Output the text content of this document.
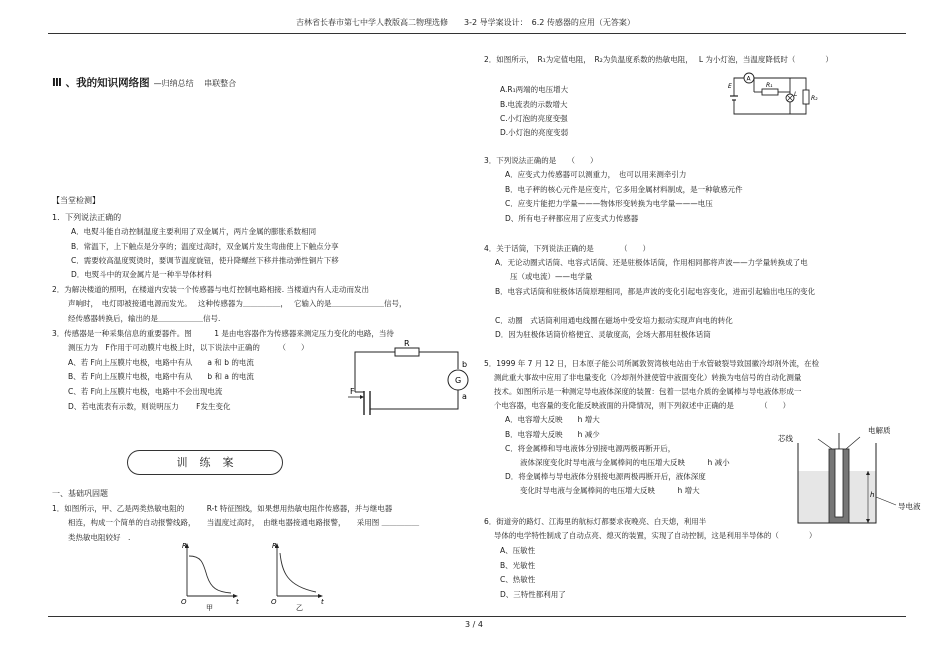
吉林省长春市第七中学人教版高二物理选修　　3-2 导学案设计：　6.2 传感器的应用（无答案）
Ⅲ 、我的知识网络图 —归纳总结　 串联整合
【当堂检测】
1．下列说法正确的
A．电熨斗能自动控制温度主要利用了双金属片，两片金属的膨胀系数相同
B．常温下，上下触点是分享的；温度过高时，双金属片发生弯曲使上下触点分享
C．需要较高温度熨烫时，要调节温度旋钮，使升降螺丝下移并推动弹性铜片下移
D．电熨斗中的双金属片是一种半导体材料
2．为解决楼道的照明，在楼道内安装一个传感器与电灯控制电路相接. 当楼道内有人走动而发出
声响时，　电灯即被接通电源而发光。　 这种传感器为＿＿＿＿＿，　 它输入的是＿＿＿＿＿＿＿信号，
经传感器转换后，输出的是＿＿＿＿＿＿信号.
3．传感器是一种采集信息的重要器件。图　　　1 是由电容器作为传感器来测定压力变化的电路，当待
测压力为　F作用于可动膜片电极上时，以下说法中正确的　　　（　　）
A、若 F向上压膜片电极，电路中有从　　a 和 b 的电流
B、若 F向上压膜片电极，电路中有从　　b 和 a 的电流
C、若 F向上压膜片电极，电路中不会出现电流
D、若电流表有示数，则说明压力　　 F发生变化
R
G
b
a
F
训练案
一、基础巩固题
1．如图所示，甲、乙是两类热敏电阻的　　　R-t 特征图线，如果想用热敏电阻作传感器，并与继电器
相连，构成一个简单的自动报警线路，　　当温度过高时，　由继电器接通电路报警，　　采用图 ＿＿＿＿＿
类热敏电阻较好　.
R
t
O
甲
R
t
O
乙
2．如图所示，　R₁为定值电阻，　R₂为负温度系数的热敏电阻，　 L 为小灯泡，当温度降低时（　　　　）
A.R₁两端的电压增大
B.电流表的示数增大
C.小灯泡的亮度变强
D.小灯泡的亮度变弱
A
R₁
R₂
E
L
3．下列说法正确的是　　（　　）
A．应变式力传感器可以测重力，　也可以用来测牵引力
B．电子秤的核心元件是应变片，它多用金属材料制成，是一种敏感元件
C．应变片能把力学量———物体形变转换为电学量———电压
D、所有电子秤都应用了应变式力传感器
4．关于话筒，下列说法正确的是　　　　（　　）
A．无论动圈式话筒、电容式话筒、还是驻极体话筒，作用相同都将声波——力学量转换成了电
　　压（或电流）——电学量
B．电容式话筒和驻极体话筒原理相同，都是声波的变化引起电容变化，进而引起输出电压的变化
C．动圈　式话筒利用通电线圈在磁场中受安培力振动实现声向电的转化
D．因为驻极体话筒价格便宜、灵敏度高，会场大都用驻极体话筒
5．1999 年 7 月 12 日，日本原子能公司所属敦贺湾核电站由于水管破裂导致国徽冷却剂外流，在检
　 测此重大事故中应用了非电量变化（冷却剂外泄使管中液面变化）转换为电信号的自动化测量
　 技术。如图所示是一种测定导电液体深度的装置：包着一层电介质的金属棒与导电液体形成一
　 个电容器，电容量的变化能反映液面的升降情况，则下列叙述中正确的是　　　　（　　）
A．电容增大反映　　h 增大
B．电容增大反映　　h 减少
C．将金属棒和导电液体分别接电源两极再断开后，
　　液体深度变化时导电液与金属棒间的电压增大反映　　　h 减小
D．将金属棒与导电液体分别接电源两极再断开后，液体深度
　　变化时导电液与金属棒间的电压增大反映　　　h 增大
芯线
电解质
导电液
h
6．街道旁的路灯、江海里的航标灯都要求夜晚亮、白天熄，利用半
　 导体的电学特性制成了自动点亮、熄灭的装置，实现了自动控制，这是利用半导体的（　　　　）
A、压敏性
B、光敏性
C、热敏性
D、三特性都利用了
3 / 4
